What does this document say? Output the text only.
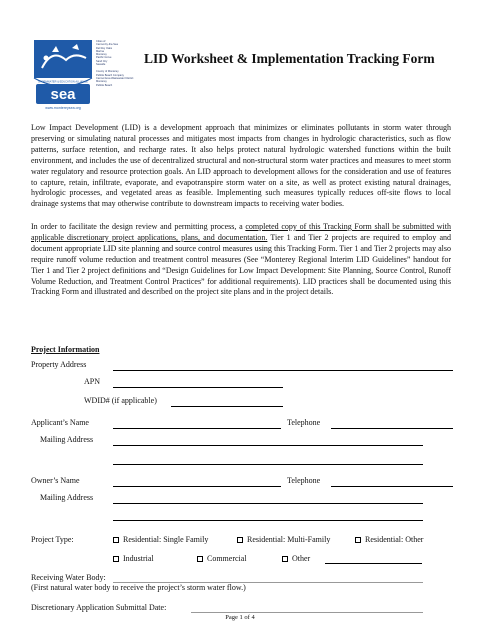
sea
www.montereysea.org
STORMWATER & EDUCATION ALLIANCE
Cities of
Carmel-by-the-Sea
Del Rey Oaks
Marina
Monterey
Pacific Grove
Sand City
Seaside
County of Monterey
Pebble Beach Company
Carmel Area Wastewater District
Monterey
Pebble Beach
LID Worksheet & Implementation Tracking Form
Low Impact Development (LID) is a development approach that minimizes or eliminates pollutants in storm water through preserving or simulating natural processes and mitigates most impacts from changes in hydrologic characteristics, such as flow patterns, surface retention, and recharge rates. It also helps protect natural hydrologic watershed functions within the built environment, and includes the use of decentralized structural and non-structural storm water practices and measures to meet storm water regulatory and resource protection goals. An LID approach to development allows for the consideration and use of features to capture, retain, infiltrate, evaporate, and evapotranspire storm water on a site, as well as protect existing natural drainages, hydrologic processes, and vegetated areas as feasible. Implementing such measures typically reduces off-site flows to local drainage systems that may otherwise contribute to downstream impacts to receiving water bodies.
In order to facilitate the design review and permitting process, a completed copy of this Tracking Form shall be submitted with applicable discretionary project applications, plans, and documentation. Tier 1 and Tier 2 projects are required to employ and document appropriate LID site planning and source control measures using this Tracking Form. Tier 1 and Tier 2 projects may also require runoff volume reduction and treatment control measures (See “Monterey Regional Interim LID Guidelines” handout for Tier 1 and Tier 2 project definitions and “Design Guidelines for Low Impact Development: Site Planning, Source Control, Runoff Volume Reduction, and Treatment Control Practices” for additional requirements). LID practices shall be documented using this Tracking Form and illustrated and described on the project site plans and in the project details.
Project Information
Property Address
APN
WDID# (if applicable)
Applicant’s Name	Telephone
Mailing Address
Owner’s Name	Telephone
Mailing Address
Project Type:	Residential: Single Family	Residential: Multi-Family	Residential: Other
Industrial	Commercial	Other
Receiving Water Body:
(First natural water body to receive the project’s storm water flow.)
Discretionary Application Submittal Date:
Page 1 of 4
